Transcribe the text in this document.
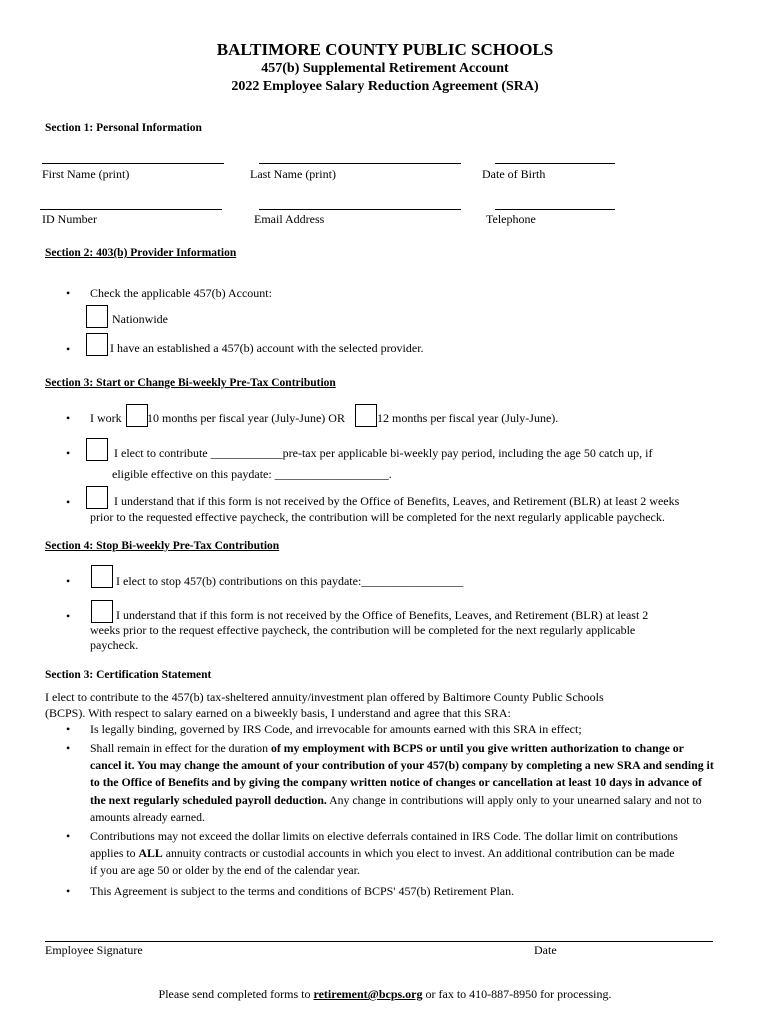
BALTIMORE COUNTY PUBLIC SCHOOLS
457(b) Supplemental Retirement Account
2022 Employee Salary Reduction Agreement (SRA)
Section 1: Personal Information
First Name (print)	Last Name (print)	Date of Birth
ID Number	Email Address	Telephone
Section 2: 403(b) Provider Information
• Check the applicable 457(b) Account:
Nationwide
•	I have an established a 457(b) account with the selected provider.
Section 3: Start or Change Bi-weekly Pre-Tax Contribution
• I work 10 months per fiscal year (July-June) OR	12 months per fiscal year (July-June).
•	I elect to contribute ____________pre-tax per applicable bi-weekly pay period, including the age 50 catch up, if
eligible effective on this paydate: ___________________.
•	I understand that if this form is not received by the Office of Benefits, Leaves, and Retirement (BLR) at least 2 weeks
prior to the requested effective paycheck, the contribution will be completed for the next regularly applicable paycheck.
Section 4: Stop Bi-weekly Pre-Tax Contribution
•	I elect to stop 457(b) contributions on this paydate:_________________
•	I understand that if this form is not received by the Office of Benefits, Leaves, and Retirement (BLR) at least 2
weeks prior to the request effective paycheck, the contribution will be completed for the next regularly applicable
paycheck.
Section 3: Certification Statement
I elect to contribute to the 457(b) tax-sheltered annuity/investment plan offered by Baltimore County Public Schools
(BCPS). With respect to salary earned on a biweekly basis, I understand and agree that this SRA:
• Is legally binding, governed by IRS Code, and irrevocable for amounts earned with this SRA in effect;
• Shall remain in effect for the duration of my employment with BCPS or until you give written authorization to change or cancel it. You may change the amount of your contribution of your 457(b) company by completing a new SRA and sending it to the Office of Benefits and by giving the company written notice of changes or cancellation at least 10 days in advance of the next regularly scheduled payroll deduction. Any change in contributions will apply only to your unearned salary and not to amounts already earned.
• Contributions may not exceed the dollar limits on elective deferrals contained in IRS Code. The dollar limit on contributions applies to ALL annuity contracts or custodial accounts in which you elect to invest. An additional contribution can be made if you are age 50 or older by the end of the calendar year.
• This Agreement is subject to the terms and conditions of BCPS' 457(b) Retirement Plan.
Employee Signature	Date
Please send completed forms to retirement@bcps.org or fax to 410-887-8950 for processing.
